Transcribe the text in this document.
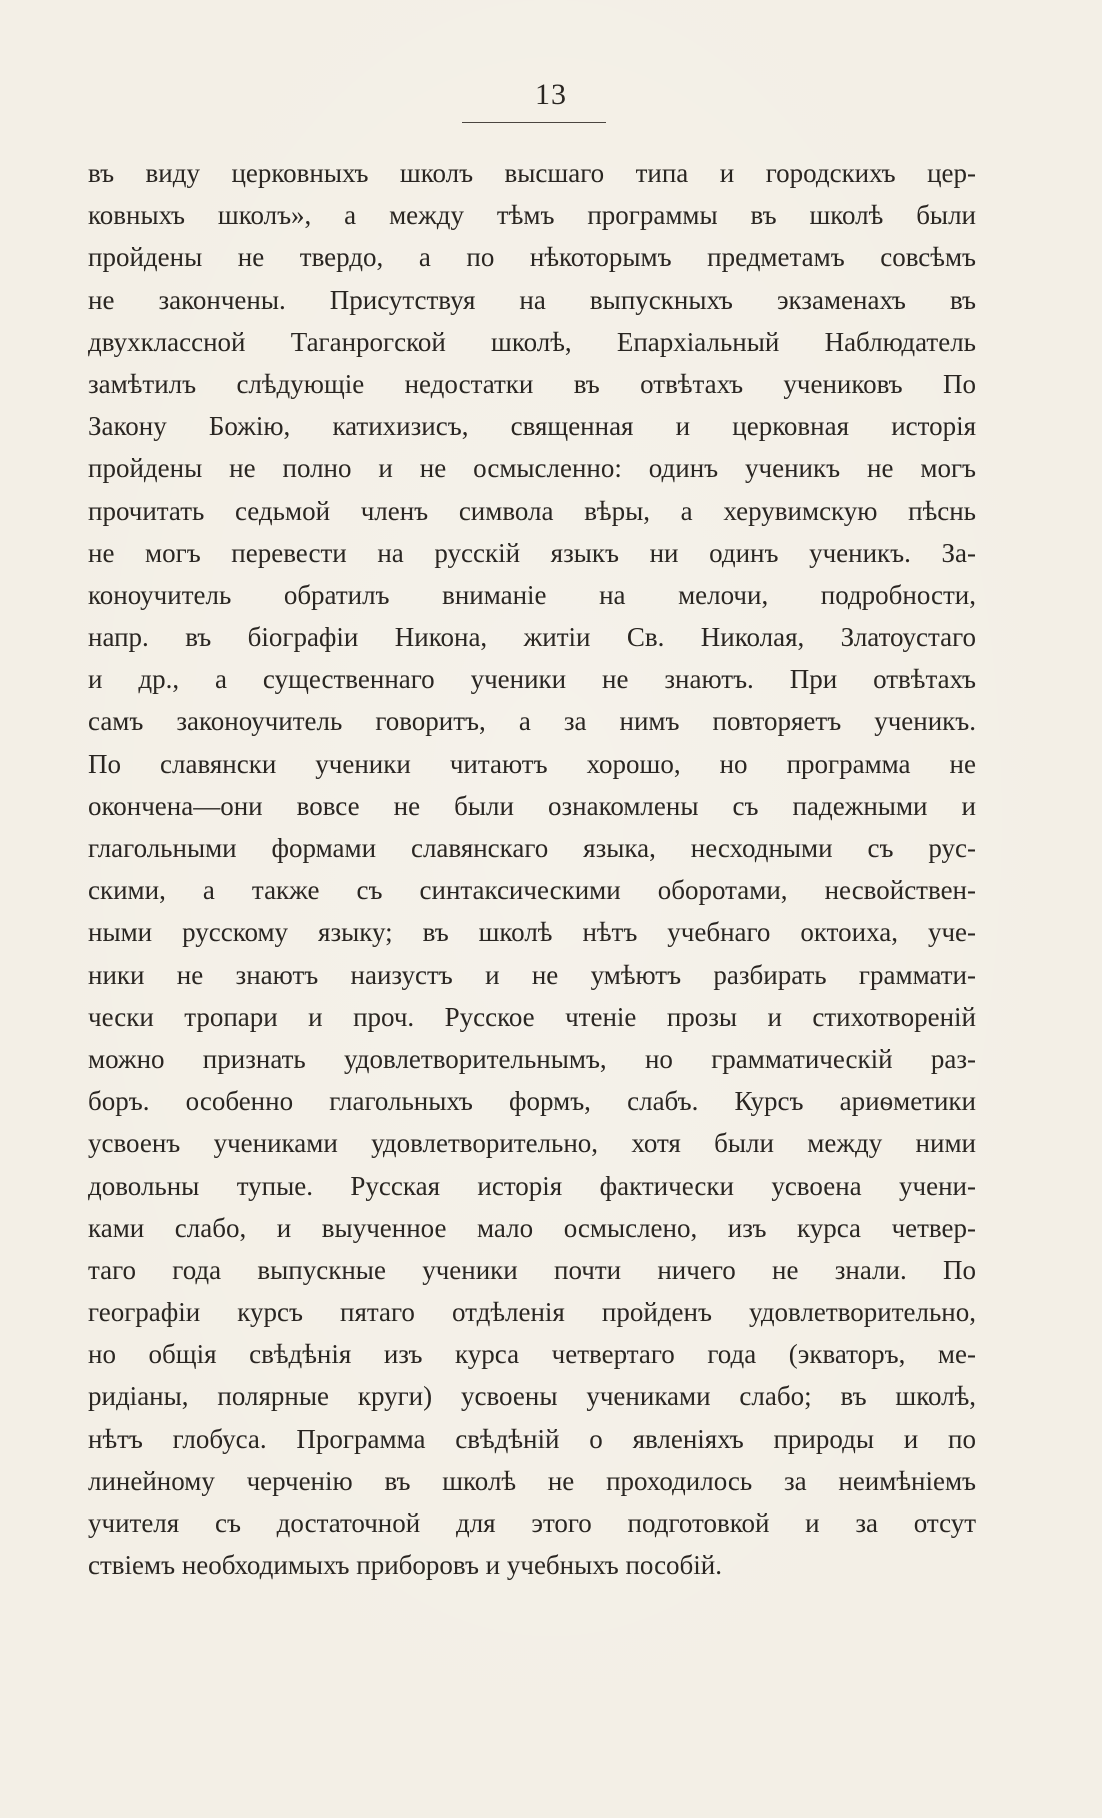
13
въ виду церковныхъ школъ высшаго типа и городскихъ цер-
ковныхъ школъ», а между тѣмъ программы въ школѣ были
пройдены не твердо, а по нѣкоторымъ предметамъ совсѣмъ
не закончены. Присутствуя на выпускныхъ экзаменахъ въ
двухклассной Таганрогской школѣ, Епархіальный Наблюдатель
замѣтилъ слѣдующіе недостатки въ отвѣтахъ учениковъ По
Закону Божію, катихизисъ, священная и церковная исторія
пройдены не полно и не осмысленно: одинъ ученикъ не могъ
прочитать седьмой членъ символа вѣры, а херувимскую пѣснь
не могъ перевести на русскій языкъ ни одинъ ученикъ. За-
коноучитель обратилъ вниманіе на мелочи, подробности,
напр. въ біографіи Никона, житіи Св. Николая, Златоустаго
и др., а существеннаго ученики не знаютъ. При отвѣтахъ
самъ законоучитель говоритъ, а за нимъ повторяетъ ученикъ.
По славянски ученики читаютъ хорошо, но программа не
окончена—они вовсе не были ознакомлены съ падежными и
глагольными формами славянскаго языка, несходными съ рус-
скими, а также съ синтаксическими оборотами, несвойствен-
ными русскому языку; въ школѣ нѣтъ учебнаго октоиха, уче-
ники не знаютъ наизустъ и не умѣютъ разбирать граммати-
чески тропари и проч. Русское чтеніе прозы и стихотвореній
можно признать удовлетворительнымъ, но грамматическій раз-
боръ. особенно глагольныхъ формъ, слабъ. Курсъ ариѳметики
усвоенъ учениками удовлетворительно, хотя были между ними
довольны тупые. Русская исторія фактически усвоена учени-
ками слабо, и выученное мало осмыслено, изъ курса четвер-
таго года выпускные ученики почти ничего не знали. По
географіи курсъ пятаго отдѣленія пройденъ удовлетворительно,
но общія свѣдѣнія изъ курса четвертаго года (экваторъ, ме-
ридіаны, полярные круги) усвоены учениками слабо; въ школѣ,
нѣтъ глобуса. Программа свѣдѣній о явленіяхъ природы и по
линейному черченію въ школѣ не проходилось за неимѣніемъ
учителя съ достаточной для этого подготовкой и за отсут
ствіемъ необходимыхъ приборовъ и учебныхъ пособій.
